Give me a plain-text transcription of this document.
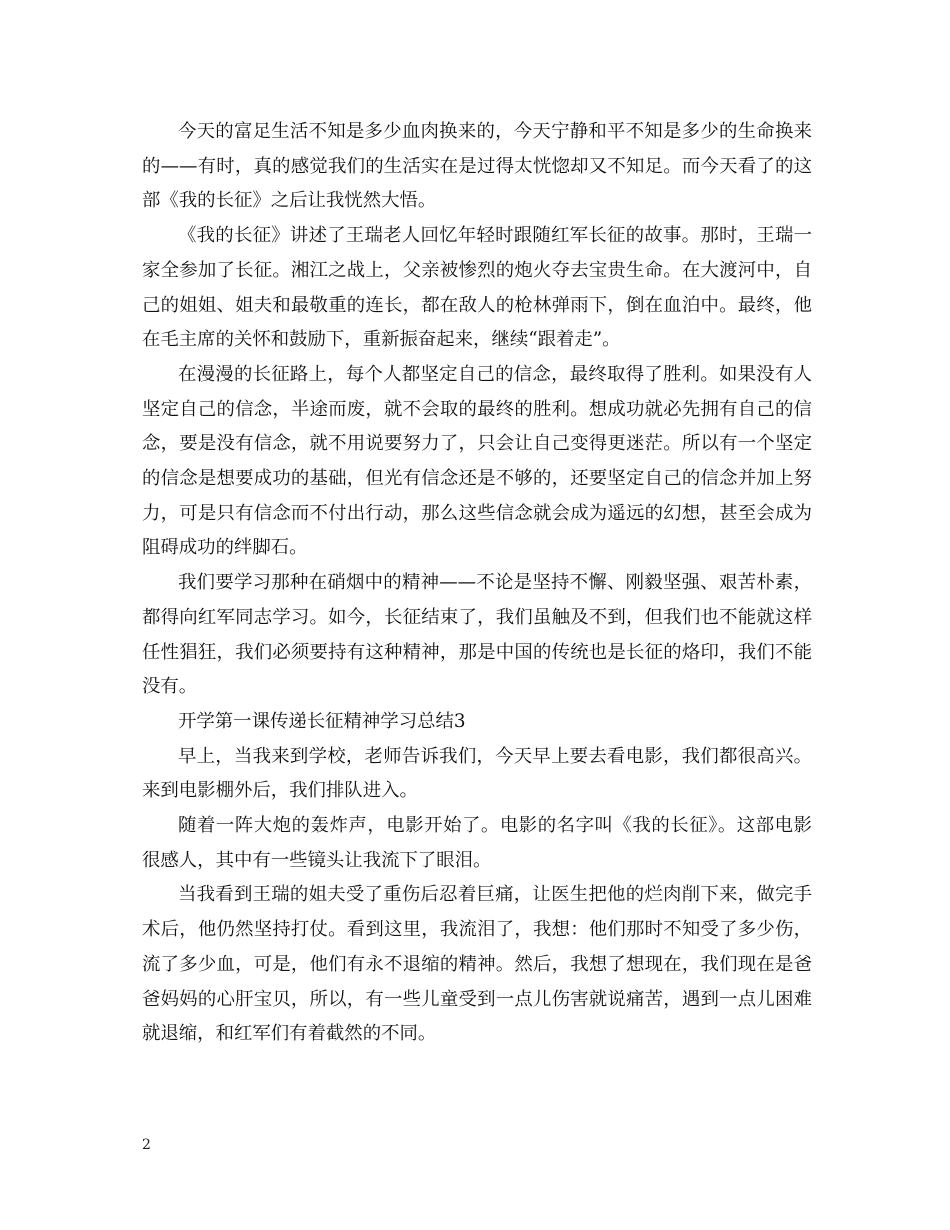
今天的富足生活不知是多少血肉换来的，今天宁静和平不知是多少的生命换来的——有时，真的感觉我们的生活实在是过得太恍惚却又不知足。而今天看了的这部《我的长征》之后让我恍然大悟。

《我的长征》讲述了王瑞老人回忆年轻时跟随红军长征的故事。那时，王瑞一家全参加了长征。湘江之战上，父亲被惨烈的炮火夺去宝贵生命。在大渡河中，自己的姐姐、姐夫和最敬重的连长，都在敌人的枪林弹雨下，倒在血泊中。最终，他在毛主席的关怀和鼓励下，重新振奋起来，继续“跟着走”。

在漫漫的长征路上，每个人都坚定自己的信念，最终取得了胜利。如果没有人坚定自己的信念，半途而废，就不会取的最终的胜利。想成功就必先拥有自己的信念，要是没有信念，就不用说要努力了，只会让自己变得更迷茫。所以有一个坚定的信念是想要成功的基础，但光有信念还是不够的，还要坚定自己的信念并加上努力，可是只有信念而不付出行动，那么这些信念就会成为遥远的幻想，甚至会成为阻碍成功的绊脚石。

我们要学习那种在硝烟中的精神——不论是坚持不懈、刚毅坚强、艰苦朴素，都得向红军同志学习。如今，长征结束了，我们虽触及不到，但我们也不能就这样任性猖狂，我们必须要持有这种精神，那是中国的传统也是长征的烙印，我们不能没有。

开学第一课传递长征精神学习总结3

早上，当我来到学校，老师告诉我们，今天早上要去看电影，我们都很高兴。来到电影棚外后，我们排队进入。

随着一阵大炮的轰炸声，电影开始了。电影的名字叫《我的长征》。这部电影很感人，其中有一些镜头让我流下了眼泪。

当我看到王瑞的姐夫受了重伤后忍着巨痛，让医生把他的烂肉削下来，做完手术后，他仍然坚持打仗。看到这里，我流泪了，我想：他们那时不知受了多少伤，流了多少血，可是，他们有永不退缩的精神。然后，我想了想现在，我们现在是爸爸妈妈的心肝宝贝，所以，有一些儿童受到一点儿伤害就说痛苦，遇到一点儿困难就退缩，和红军们有着截然的不同。

2
